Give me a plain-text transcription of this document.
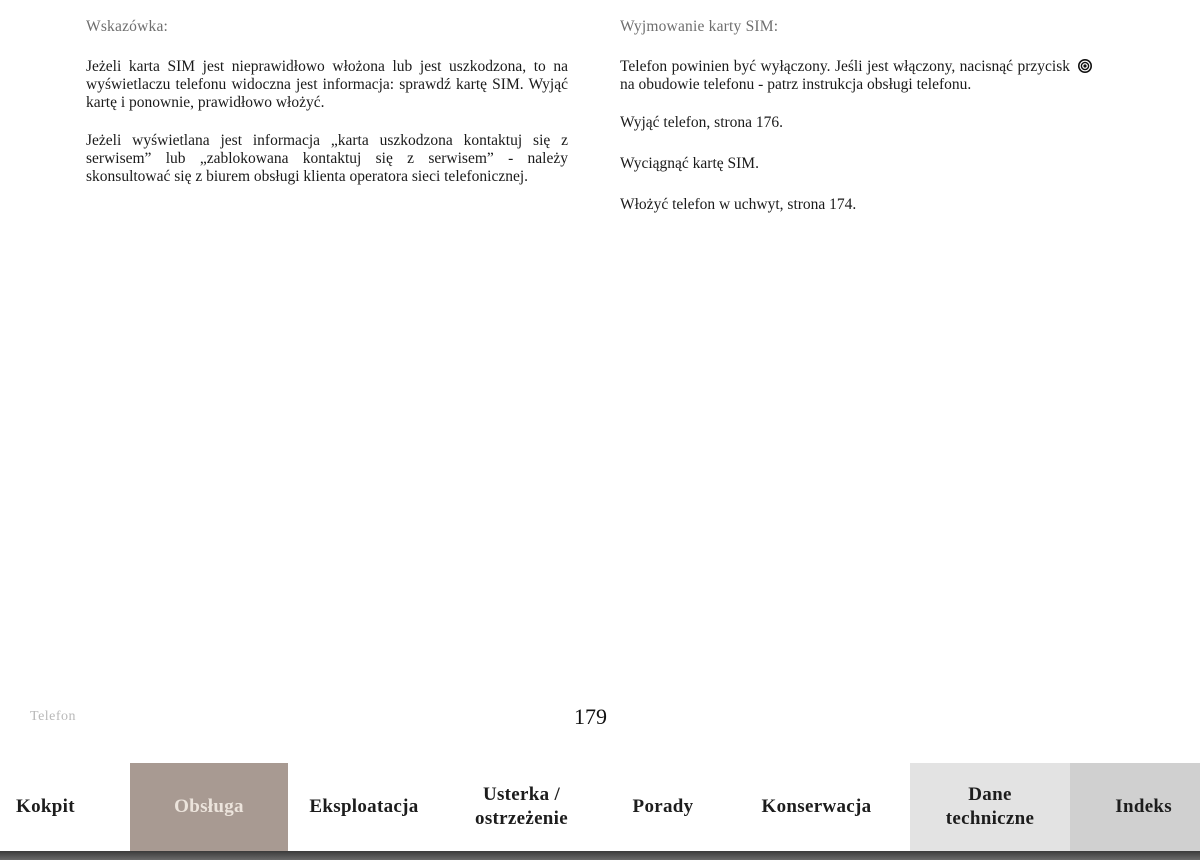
Wskazówka:

Jeżeli karta SIM jest nieprawidłowo włożona lub jest uszkodzona, to na wyświetlaczu telefonu widoczna jest informacja: sprawdź kartę SIM. Wyjąć kartę i ponownie, prawidłowo włożyć.

Jeżeli wyświetlana jest informacja „karta uszkodzona kontaktuj się z serwisem” lub „zablokowana kontaktuj się z serwisem” - należy skonsultować się z biurem obsługi klienta operatora sieci telefonicznej.

Wyjmowanie karty SIM:

Telefon powinien być wyłączony. Jeśli jest włączony, nacisnąć przyciskna obudowie telefonu - patrz instrukcja obsługi telefonu.

Wyjąć telefon, strona 176.

Wyciągnąć kartę SIM.

Włożyć telefon w uchwyt, strona 174.

Telefon	179
Kokpit	Obsługa	Eksploatacja
Usterka /
ostrzeżenie
Porady	Konserwacja
Dane
techniczne
Indeks
